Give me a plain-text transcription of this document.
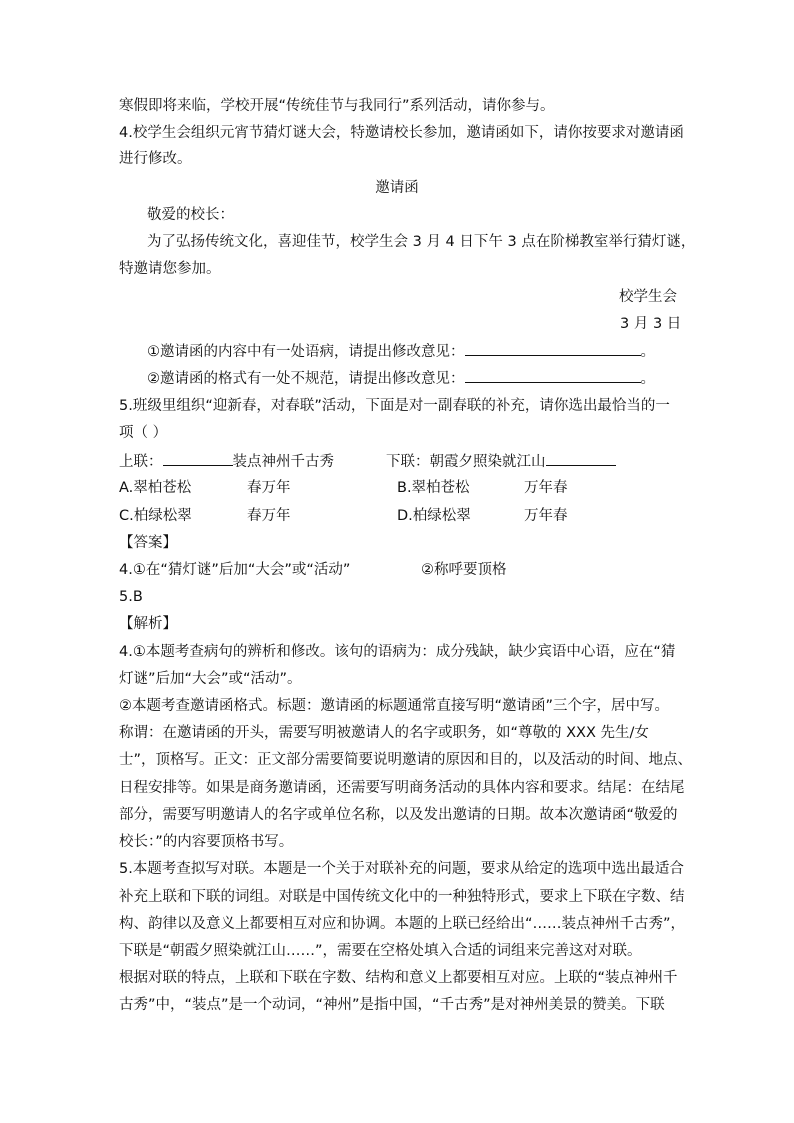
寒假即将来临，学校开展“传统佳节与我同行”系列活动，请你参与。
4.校学生会组织元宵节猜灯谜大会，特邀请校长参加，邀请函如下，请你按要求对邀请函
进行修改。
邀请函
敬爱的校长：
为了弘扬传统文化，喜迎佳节，校学生会 3 月 4 日下午 3 点在阶梯教室举行猜灯谜，
特邀请您参加。
校学生会
3 月 3 日
①邀请函的内容中有一处语病，请提出修改意见：	。
②邀请函的格式有一处不规范，请提出修改意见：	。
5.班级里组织“迎新春，对春联”活动，下面是对一副春联的补充，请你选出最恰当的一
项（ ）
上联：	装点神州千古秀	下联：朝霞夕照染就江山
A.翠柏苍松	春万年	B.翠柏苍松	万年春
C.柏绿松翠	春万年	D.柏绿松翠	万年春
【答案】
4.①在“猜灯谜”后加“大会”或“活动”	②称呼要顶格
5.B
【解析】
4.①本题考查病句的辨析和修改。该句的语病为：成分残缺，缺少宾语中心语，应在“猜
灯谜”后加“大会”或“活动”。
②本题考查邀请函格式。标题：邀请函的标题通常直接写明“邀请函”三个字，居中写。
称谓：在邀请函的开头，需要写明被邀请人的名字或职务，如“尊敬的 XXX 先生/女
士”，顶格写。正文：正文部分需要简要说明邀请的原因和目的，以及活动的时间、地点、
日程安排等。如果是商务邀请函，还需要写明商务活动的具体内容和要求。结尾：在结尾
部分，需要写明邀请人的名字或单位名称，以及发出邀请的日期。故本次邀请函“敬爱的
校长：”的内容要顶格书写。
5.本题考查拟写对联。本题是一个关于对联补充的问题，要求从给定的选项中选出最适合
补充上联和下联的词组。对联是中国传统文化中的一种独特形式，要求上下联在字数、结
构、韵律以及意义上都要相互对应和协调。本题的上联已经给出“……装点神州千古秀”，
下联是“朝霞夕照染就江山……”，需要在空格处填入合适的词组来完善这对对联。
根据对联的特点，上联和下联在字数、结构和意义上都要相互对应。上联的“装点神州千
古秀”中，“装点”是一个动词，“神州”是指中国，“千古秀”是对神州美景的赞美。下联
